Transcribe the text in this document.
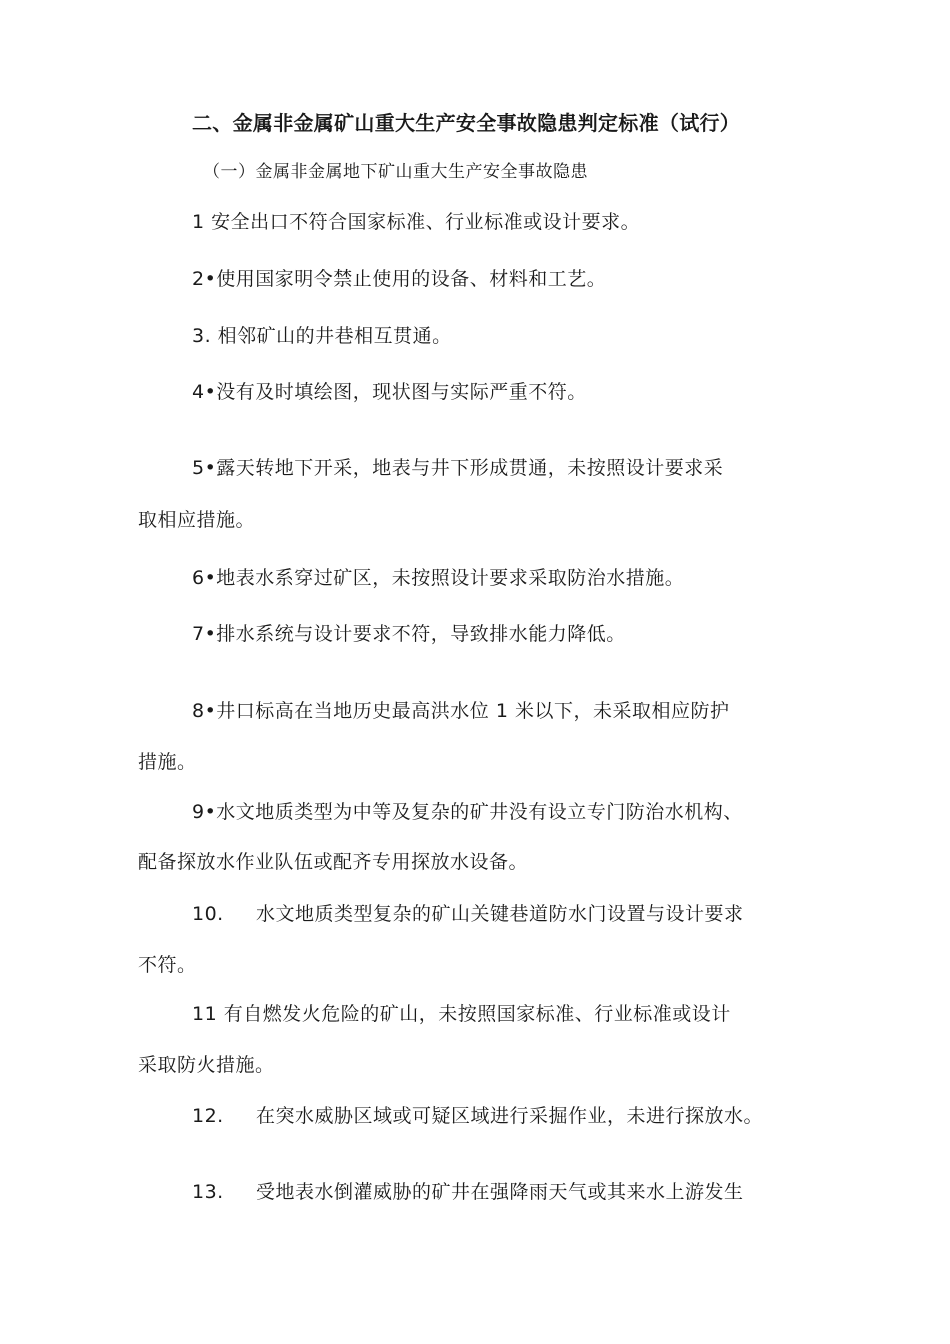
二、金属非金属矿山重大生产安全事故隐患判定标准（试行）
（一）金属非金属地下矿山重大生产安全事故隐患
1 安全出口不符合国家标准、行业标准或设计要求。
2•使用国家明令禁止使用的设备、材料和工艺。
3. 相邻矿山的井巷相互贯通。
4•没有及时填绘图，现状图与实际严重不符。
5•露天转地下开采，地表与井下形成贯通，未按照设计要求采
取相应措施。
6•地表水系穿过矿区，未按照设计要求采取防治水措施。
7•排水系统与设计要求不符，导致排水能力降低。
8•井口标高在当地历史最高洪水位 1 米以下，未采取相应防护
措施。
9•水文地质类型为中等及复杂的矿井没有设立专门防治水机构、
配备探放水作业队伍或配齐专用探放水设备。
10. 水文地质类型复杂的矿山关键巷道防水门设置与设计要求
不符。
11 有自燃发火危险的矿山，未按照国家标准、行业标准或设计
采取防火措施。
12. 在突水威胁区域或可疑区域进行采掘作业，未进行探放水。
13. 受地表水倒灌威胁的矿井在强降雨天气或其来水上游发生
